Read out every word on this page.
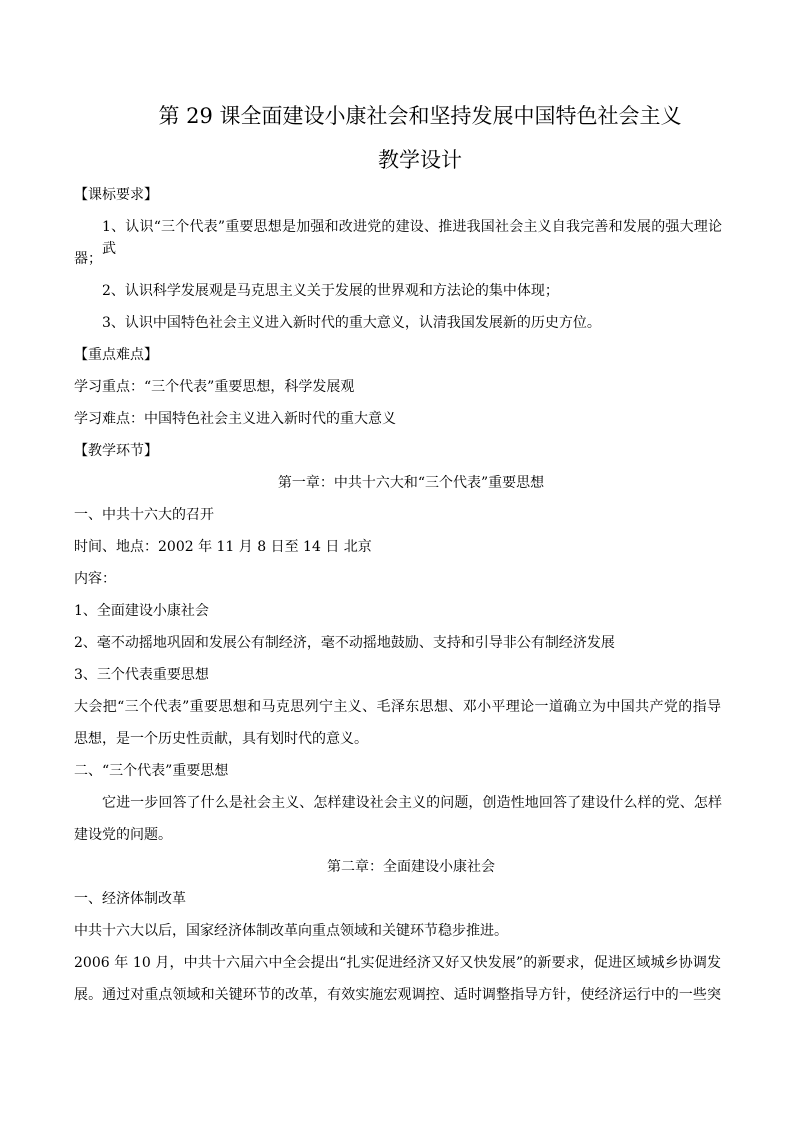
第 29 课全面建设小康社会和坚持发展中国特色社会主义
教学设计
【课标要求】
1、认识“三个代表”重要思想是加强和改进党的建设、推进我国社会主义自我完善和发展的强大理论武
器；
2、认识科学发展观是马克思主义关于发展的世界观和方法论的集中体现；
3、认识中国特色社会主义进入新时代的重大意义，认清我国发展新的历史方位。
【重点难点】
学习重点：“三个代表”重要思想，科学发展观
学习难点：中国特色社会主义进入新时代的重大意义
【教学环节】
第一章：中共十六大和“三个代表”重要思想
一、中共十六大的召开
时间、地点：2002 年 11 月 8 日至 14 日 北京
内容：
1、全面建设小康社会
2、毫不动摇地巩固和发展公有制经济，毫不动摇地鼓励、支持和引导非公有制经济发展
3、三个代表重要思想
大会把“三个代表”重要思想和马克思列宁主义、毛泽东思想、邓小平理论一道确立为中国共产党的指导
思想，是一个历史性贡献，具有划时代的意义。
二、“三个代表”重要思想
它进一步回答了什么是社会主义、怎样建设社会主义的问题，创造性地回答了建设什么样的党、怎样
建设党的问题。
第二章：全面建设小康社会
一、经济体制改革
中共十六大以后，国家经济体制改革向重点领域和关键环节稳步推进。
2006 年 10 月，中共十六届六中全会提出“扎实促进经济又好又快发展”的新要求，促进区域城乡协调发
展。通过对重点领域和关键环节的改革，有效实施宏观调控、适时调整指导方针，使经济运行中的一些突
